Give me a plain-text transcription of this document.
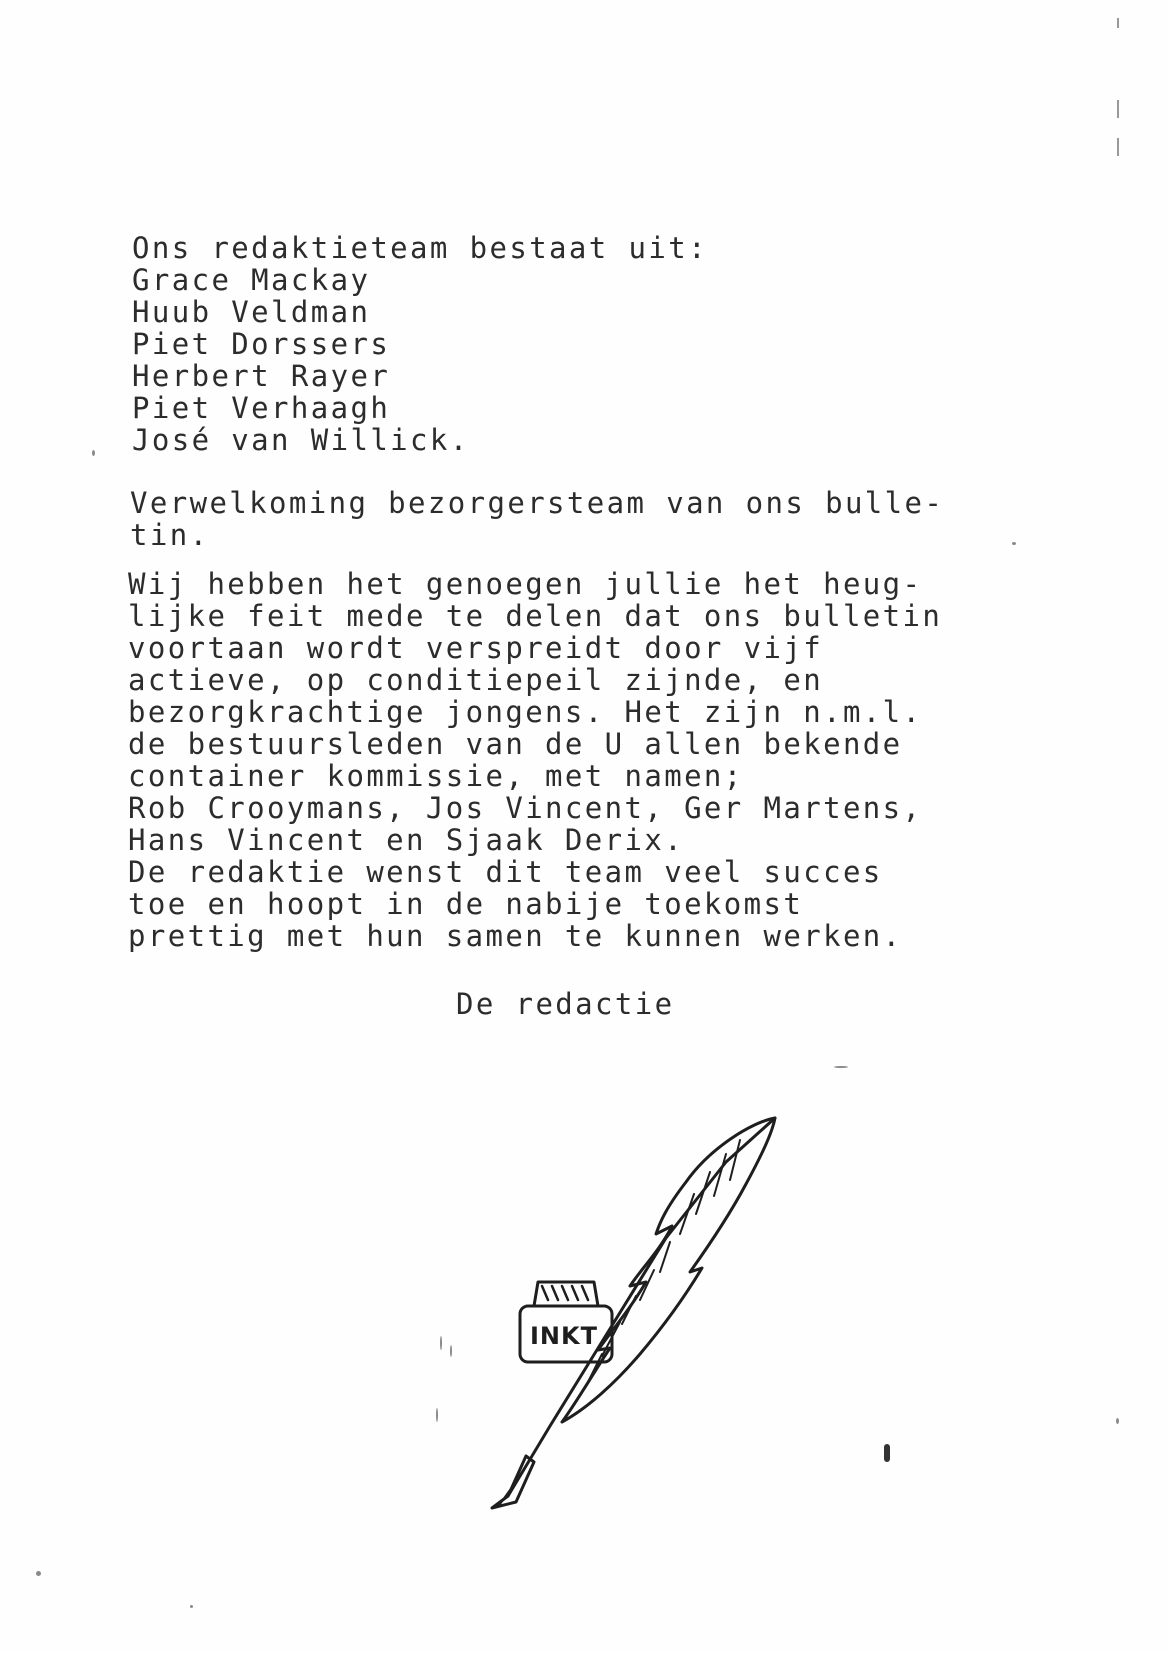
Ons redaktieteam bestaat uit:
Grace Mackay
Huub Veldman
Piet Dorssers
Herbert Rayer
Piet Verhaagh
José van Willick.
Verwelkoming bezorgersteam van ons bulle-
tin.
Wij hebben het genoegen jullie het heug-
lijke feit mede te delen dat ons bulletin
voortaan wordt verspreidt door vijf
actieve, op conditiepeil zijnde, en
bezorgkrachtige jongens. Het zijn n.m.l.
de bestuursleden van de U allen bekende
container kommissie, met namen;
Rob Crooymans, Jos Vincent, Ger Martens,
Hans Vincent en Sjaak Derix.
De redaktie wenst dit team veel succes
toe en hoopt in de nabije toekomst
prettig met hun samen te kunnen werken.
De redactie
INKT
